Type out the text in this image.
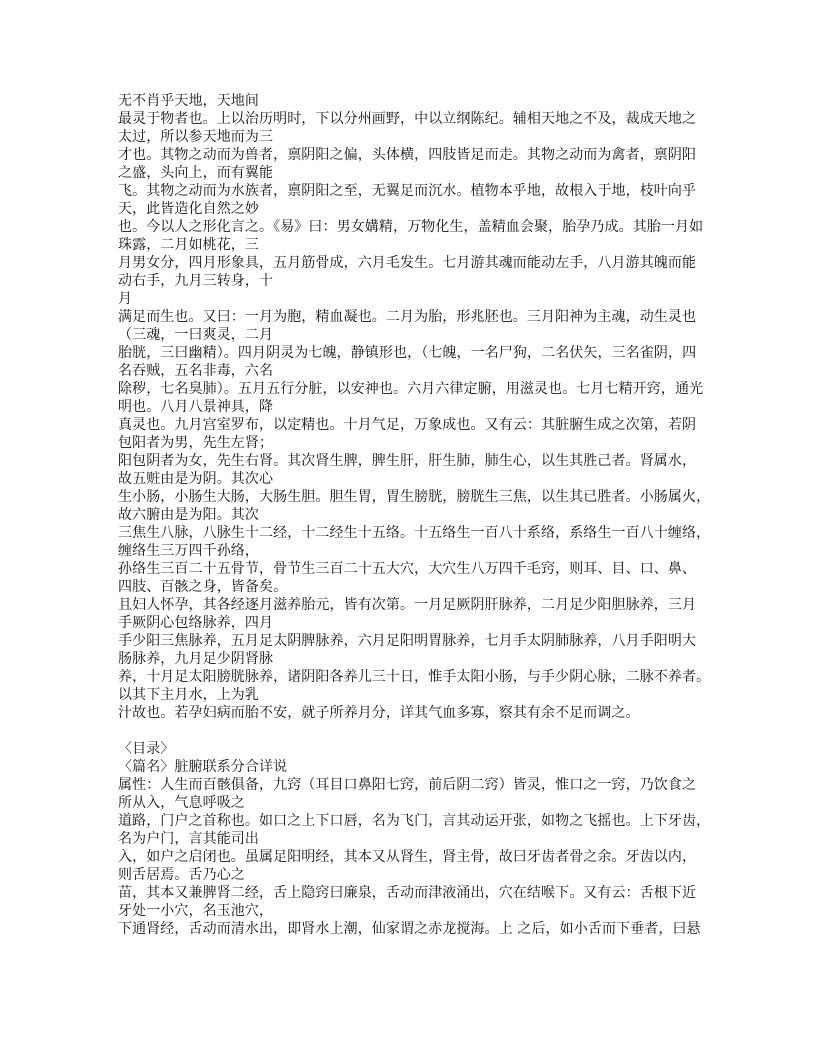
无不肖乎天地，天地间
最灵于物者也。上以治历明时，下以分州画野，中以立纲陈纪。辅相天地之不及，裁成天地之
太过，所以参天地而为三
才也。其物之动而为兽者，禀阴阳之偏，头体横，四肢皆足而走。其物之动而为禽者，禀阴阳
之盛，头向上，而有翼能
飞。其物之动而为水族者，禀阴阳之至，无翼足而沉水。植物本乎地，故根入于地，枝叶向乎
天，此皆造化自然之妙
也。今以人之形化言之。《易》曰：男女媾精，万物化生，盖精血会聚，胎孕乃成。其胎一月如
珠露，二月如桃花，三
月男女分，四月形象具，五月筋骨成，六月毛发生。七月游其魂而能动左手，八月游其魄而能
动右手，九月三转身，十
月
满足而生也。又曰：一月为胞，精血凝也。二月为胎，形兆胚也。三月阳神为主魂，动生灵也
（三魂，一曰爽灵，二月
胎胱，三曰幽精）。四月阴灵为七魄，静镇形也，（七魄，一名尸狗，二名伏矢，三名雀阴，四
名吞贼，五名非毒，六名
除秽，七名臭肺）。五月五行分脏，以安神也。六月六律定腑，用滋灵也。七月七精开窍，通光
明也。八月八景神具，降
真灵也。九月宫室罗布，以定精也。十月气足，万象成也。又有云：其脏腑生成之次第，若阴
包阳者为男，先生左肾；
阳包阴者为女，先生右肾。其次肾生脾，脾生肝，肝生肺，肺生心，以生其胜己者。肾属水，
故五赃由是为阴。其次心
生小肠，小肠生大肠，大肠生胆。胆生胃，胃生膀胱，膀胱生三焦，以生其已胜者。小肠属火，
故六腑由是为阳。其次
三焦生八脉，八脉生十二经，十二经生十五络。十五络生一百八十系络，系络生一百八十缠络，
缠络生三万四千孙络，
孙络生三百二十五骨节，骨节生三百二十五大穴，大穴生八万四千毛窍，则耳、目、口、鼻、
四肢、百骸之身，皆备矣。
且妇人怀孕，其各经逐月滋养胎元，皆有次第。一月足厥阴肝脉养，二月足少阳胆脉养，三月
手厥阴心包络脉养，四月
手少阳三焦脉养，五月足太阴脾脉养，六月足阳明胃脉养，七月手太阴肺脉养，八月手阳明大
肠脉养，九月足少阴肾脉
养，十月足太阳膀胱脉养，诸阴阳各养儿三十日，惟手太阳小肠，与手少阴心脉，二脉不养者。
以其下主月水，上为乳
汁故也。若孕妇病而胎不安，就子所养月分，详其气血多寡，察其有余不足而调之。
〈目录〉
〈篇名〉脏腑联系分合详说
属性：人生而百骸俱备，九窍（耳目口鼻阳七窍，前后阴二窍）皆灵，惟口之一窍，乃饮食之
所从入，气息呼吸之
道路，门户之首称也。如口之上下口唇，名为飞门，言其动运开张，如物之飞摇也。上下牙齿，
名为户门，言其能司出
入，如户之启闭也。虽属足阳明经，其本又从肾生，肾主骨，故曰牙齿者骨之余。牙齿以内，
则舌居焉。舌乃心之
苗，其本又兼脾肾二经，舌上隐窍曰廉泉，舌动而津液涌出，穴在结喉下。又有云：舌根下近
牙处一小穴，名玉池穴，
下通肾经，舌动而清水出，即肾水上潮，仙家谓之赤龙搅海。上 之后，如小舌而下垂者，曰悬
